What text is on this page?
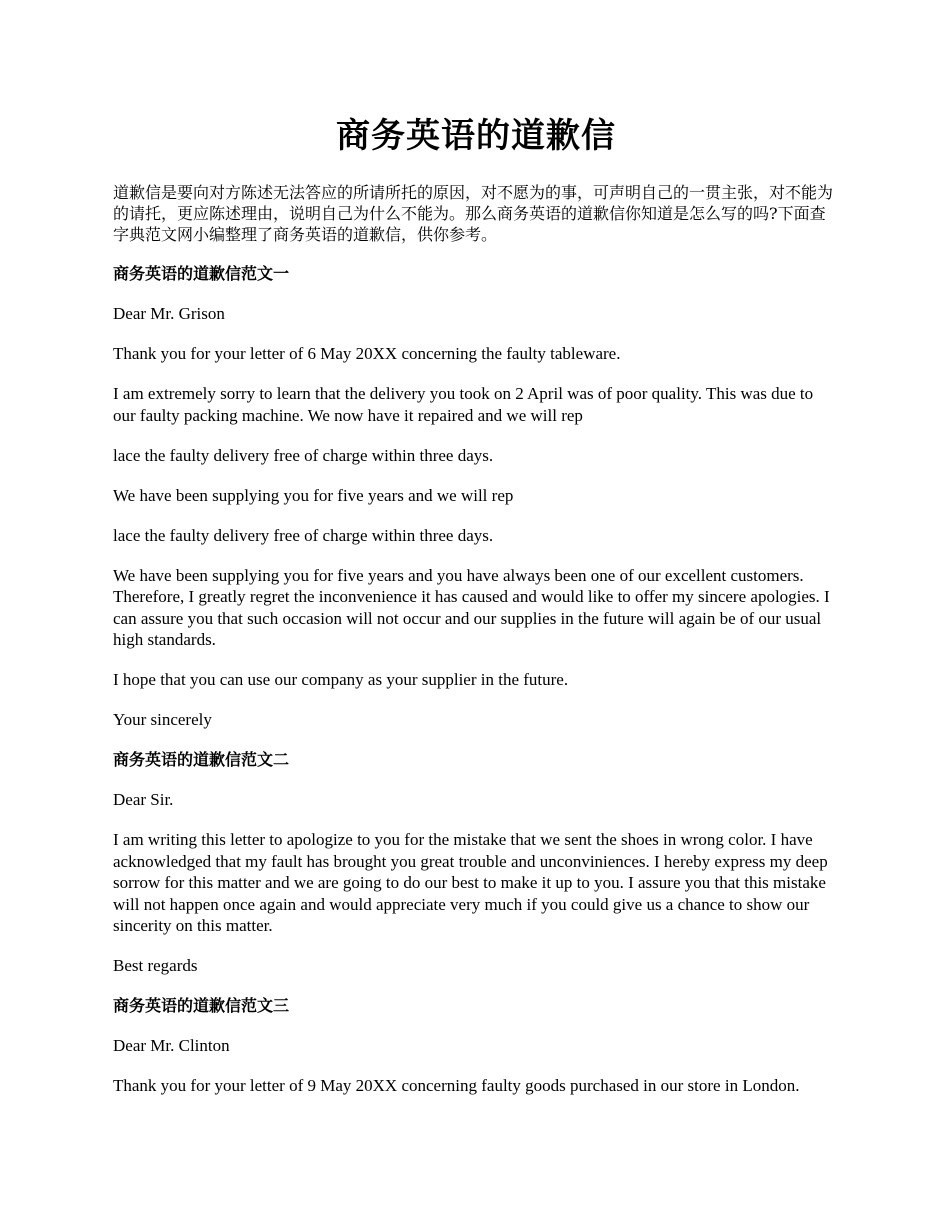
商务英语的道歉信

道歉信是要向对方陈述无法答应的所请所托的原因，对不愿为的事，可声明自己的一贯主张，对不能为的请托，更应陈述理由，说明自己为什么不能为。那么商务英语的道歉信你知道是怎么写的吗?下面查字典范文网小编整理了商务英语的道歉信，供你参考。

商务英语的道歉信范文一

Dear Mr. Grison

Thank you for your letter of 6 May 20XX concerning the faulty tableware.

I am extremely sorry to learn that the delivery you took on 2 April was of poor quality. This was due to our faulty packing machine. We now have it repaired and we will rep

lace the faulty delivery free of charge within three days.

We have been supplying you for five years and we will rep

lace the faulty delivery free of charge within three days.

We have been supplying you for five years and you have always been one of our excellent customers. Therefore, I greatly regret the inconvenience it has caused and would like to offer my sincere apologies. I can assure you that such occasion will not occur and our supplies in the future will again be of our usual high standards.

I hope that you can use our company as your supplier in the future.

Your sincerely

商务英语的道歉信范文二

Dear Sir.

I am writing this letter to apologize to you for the mistake that we sent the shoes in wrong color. I have acknowledged that my fault has brought you great trouble and unconviniences. I hereby express my deep sorrow for this matter and we are going to do our best to make it up to you. I assure you that this mistake will not happen once again and would appreciate very much if you could give us a chance to show our sincerity on this matter.

Best regards

商务英语的道歉信范文三

Dear Mr. Clinton

Thank you for your letter of 9 May 20XX concerning faulty goods purchased in our store in London.
